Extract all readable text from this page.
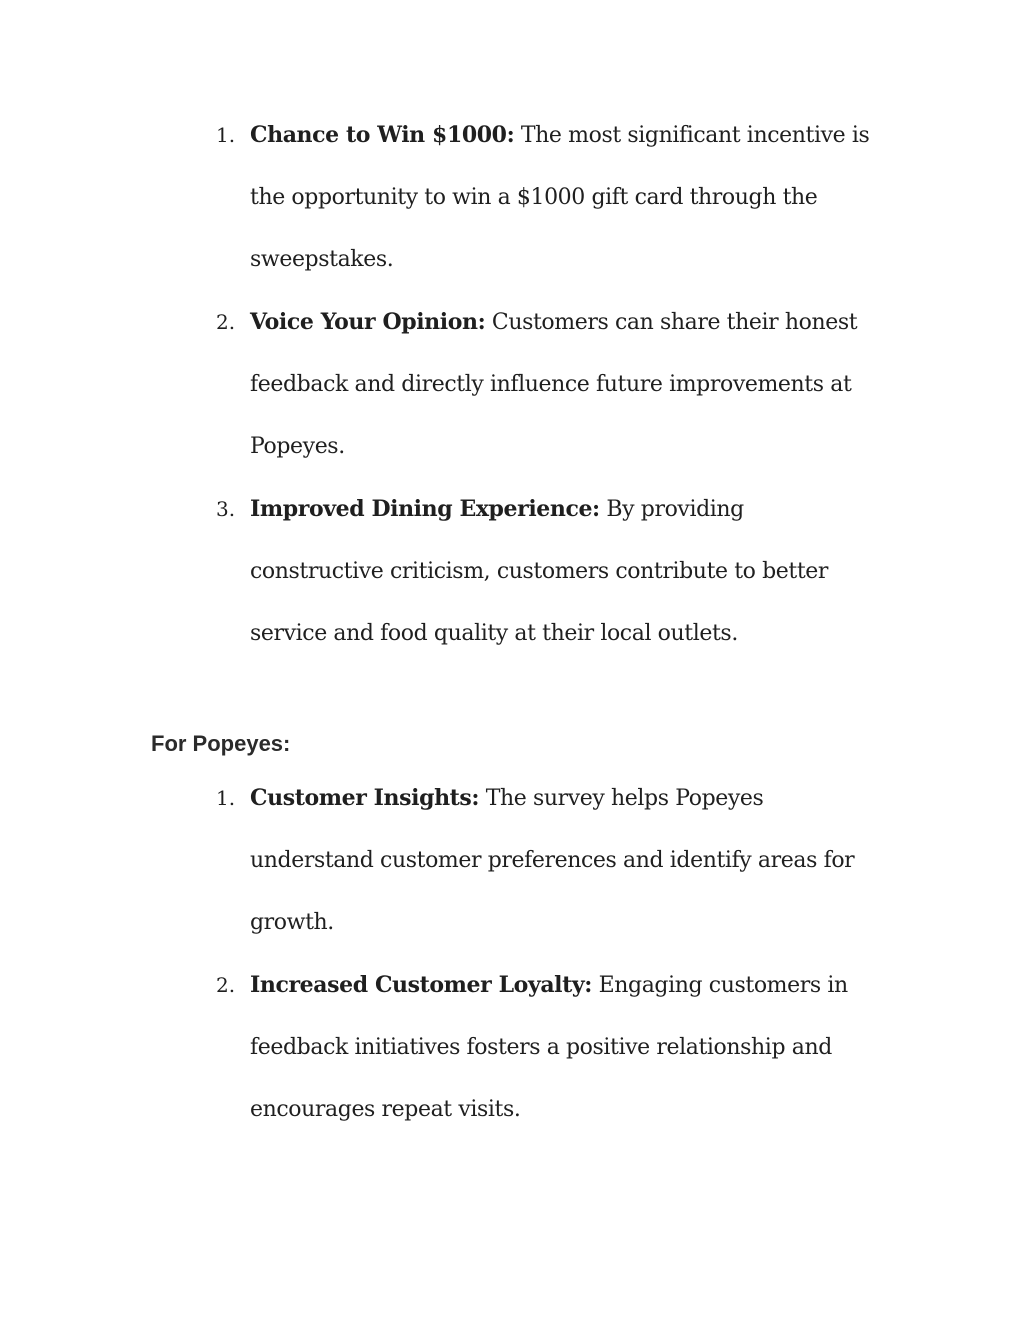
1. Chance to Win $1000: The most significant incentive is the opportunity to win a $1000 gift card through the sweepstakes.
2. Voice Your Opinion: Customers can share their honest feedback and directly influence future improvements at Popeyes.
3. Improved Dining Experience: By providing constructive criticism, customers contribute to better service and food quality at their local outlets.
For Popeyes:
1. Customer Insights: The survey helps Popeyes understand customer preferences and identify areas for growth.
2. Increased Customer Loyalty: Engaging customers in feedback initiatives fosters a positive relationship and encourages repeat visits.
